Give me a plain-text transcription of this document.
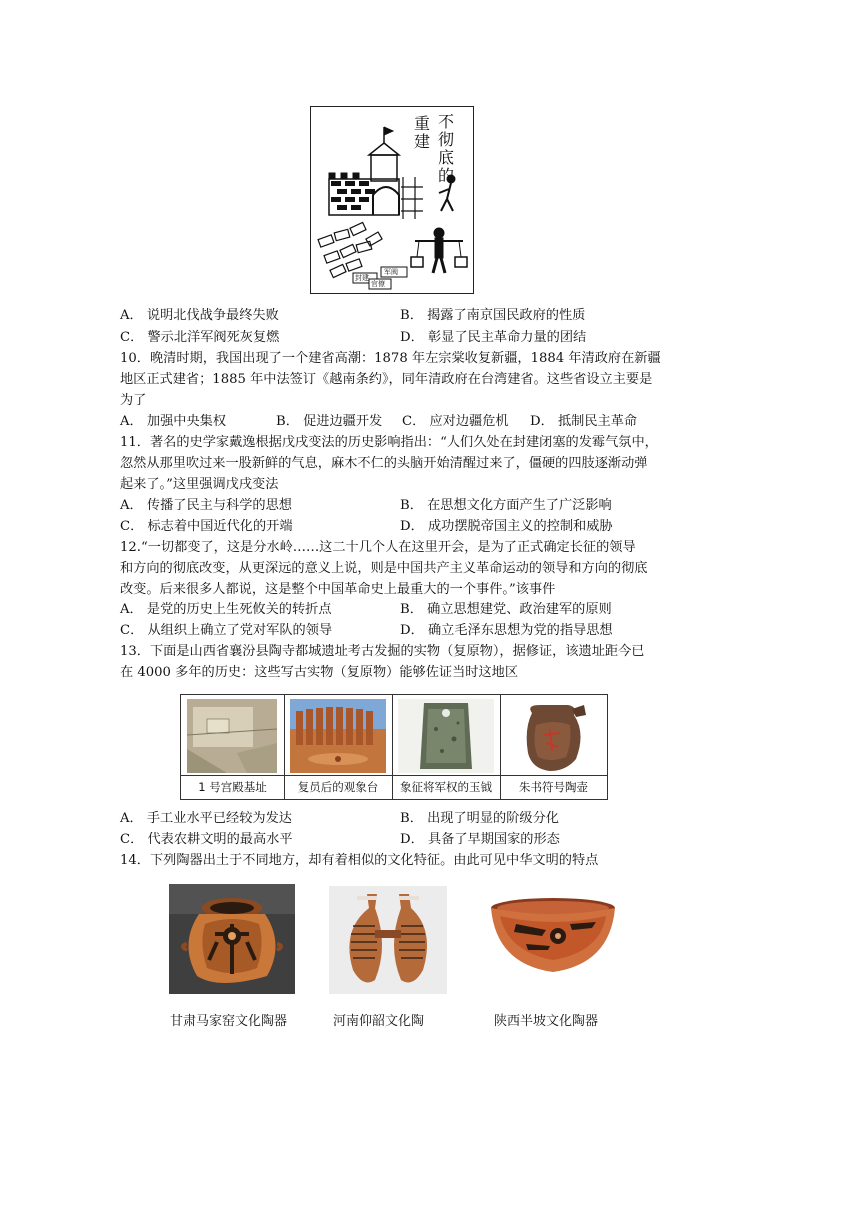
不彻底的
重建
封建
军阀
官僚
A． 说明北伐战争最终失败	B． 揭露了南京国民政府的性质
C． 警示北洋军阀死灰复燃	D． 彰显了民主革命力量的团结
10．晚清时期，我国出现了一个建省高潮：1878 年左宗棠收复新疆，1884 年清政府在新疆
地区正式建省；1885 年中法签订《越南条约》，同年清政府在台湾建省。这些省设立主要是
为了
A． 加强中央集权	B． 促进边疆开发 C． 应对边疆危机 D． 抵制民主革命
11．著名的史学家戴逸根据戊戌变法的历史影响指出：“人们久处在封建闭塞的发霉气氛中，
忽然从那里吹过来一股新鲜的气息，麻木不仁的头脑开始清醒过来了，僵硬的四肢逐渐动弹
起来了。”这里强调戊戌变法
A． 传播了民主与科学的思想	B． 在思想文化方面产生了广泛影响
C． 标志着中国近代化的开端	D． 成功摆脱帝国主义的控制和威胁
12.“一切都变了，这是分水岭……这二十几个人在这里开会，是为了正式确定长征的领导
和方向的彻底改变，从更深远的意义上说，则是中国共产主义革命运动的领导和方向的彻底
改变。后来很多人都说，这是整个中国革命史上最重大的一个事件。”该事件
A． 是党的历史上生死攸关的转折点	B． 确立思想建党、政治建军的原则
C． 从组织上确立了党对军队的领导	D． 确立毛泽东思想为党的指导思想
13．下面是山西省襄汾县陶寺都城遗址考古发掘的实物（复原物），据修证，该遗址距今已
在 4000 多年的历史：这些写古实物（复原物）能够佐证当时这地区
1 号宫殿基址	复员后的观象台	象征将军权的玉钺	朱书符号陶壶
A． 手工业水平已经较为发达	B． 出现了明显的阶级分化
C． 代表农耕文明的最高水平	D． 具备了早期国家的形态
14．下列陶器出土于不同地方，却有着相似的文化特征。由此可见中华文明的特点
甘肃马家窑文化陶器	河南仰韶文化陶	陕西半坡文化陶器
